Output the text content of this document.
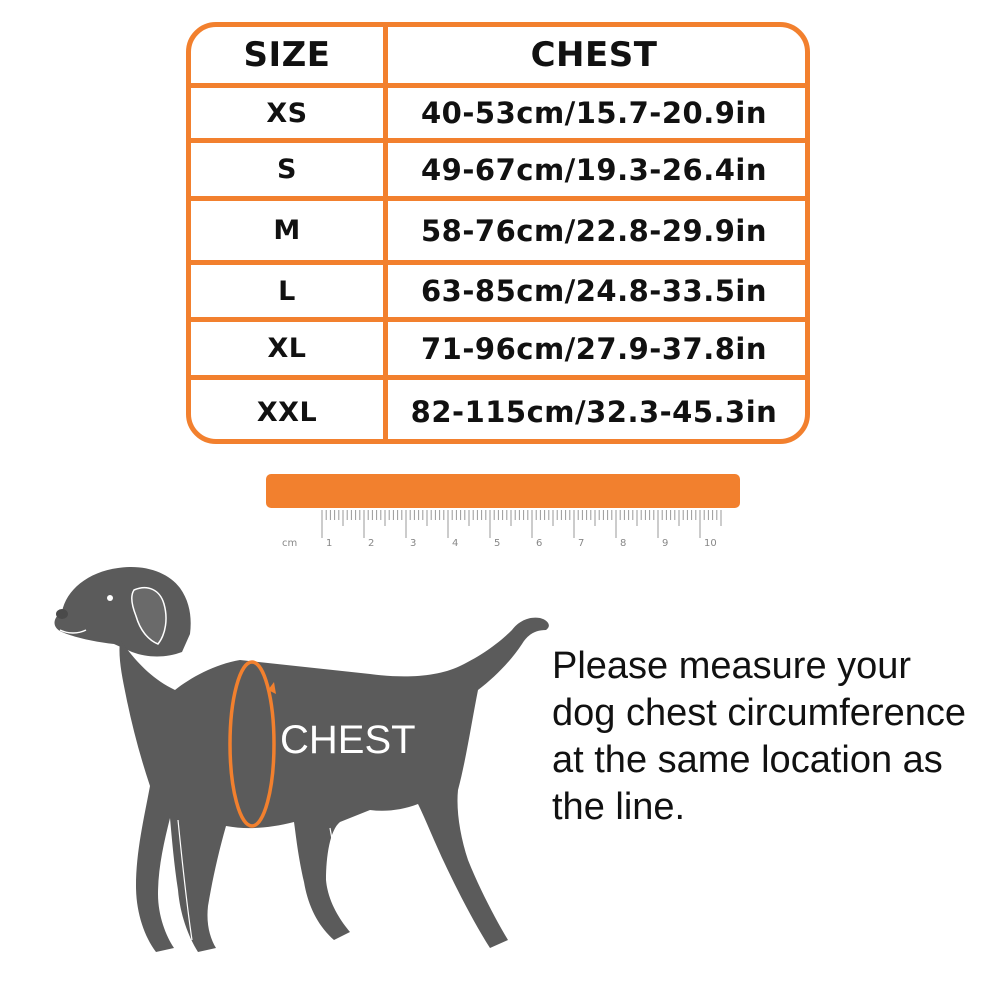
SIZE	CHEST
XS	40-53cm/15.7-20.9in
S	49-67cm/19.3-26.4in
M	58-76cm/22.8-29.9in
L	63-85cm/24.8-33.5in
XL	71-96cm/27.9-37.8in
XXL	82-115cm/32.3-45.3in
cm	1	2	3	4	5	6	7	8	9	10
CHEST
Please measure your
dog chest circumference
at the same location as
the line.
